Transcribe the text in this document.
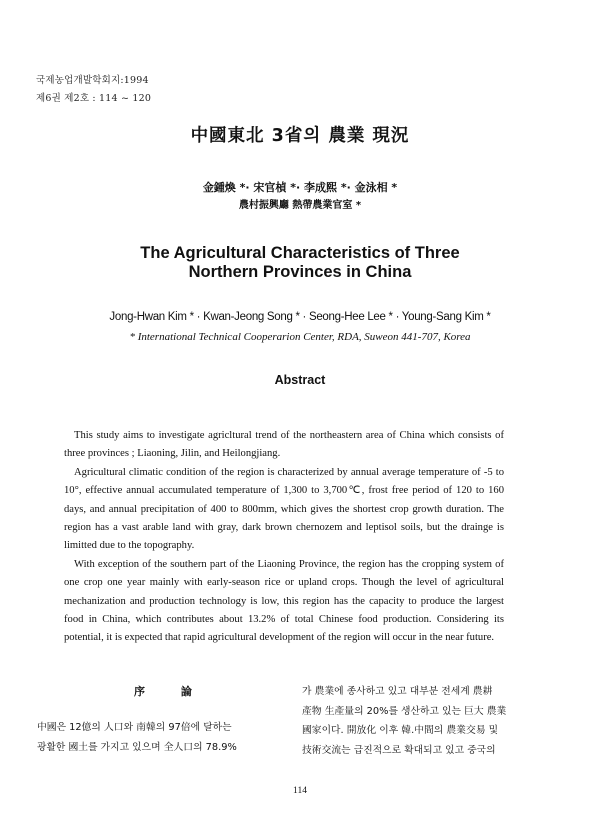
국제농업개발학회지:1994
제6권 제2호 : 114 ~ 120
中國東北 3省의 農業 現況
金鍾煥 *· 宋官楨 *· 李成熙 *· 金泳相 *
農村振興廳 熱帶農業官室 *
The Agricultural Characteristics of Three
Northern Provinces in China
Jong-Hwan Kim * · Kwan-Jeong Song * · Seong-Hee Lee * · Young-Sang Kim *
* International Technical Cooperarion Center, RDA, Suweon 441-707, Korea
Abstract

This study aims to investigate agricltural trend of the northeastern area of China which consists of three provinces ; Liaoning, Jilin, and Heilongjiang.

Agricultural climatic condition of the region is characterized by annual average temperature of -5 to 10°, effective annual accumulated temperature of 1,300 to 3,700℃, frost free period of 120 to 160 days, and annual precipitation of 400 to 800mm, which gives the shortest crop growth duration. The region has a vast arable land with gray, dark brown chernozem and leptisol soils, but the drainge is limitted due to the topography.

With exception of the southern part of the Liaoning Province, the region has the cropping system of one crop one year mainly with early-season rice or upland crops. Though the level of agricultural mechanization and production technology is low, this region has the capacity to produce the largest food in China, which contributes about 13.2% of total Chinese food production. Considering its potential, it is expected that rapid agricultural development of the region will occur in the near future.

序 論
中國은 12億의 人口와 南韓의 97倍에 달하는
광활한 國土를 가지고 있으며 全人口의 78.9%
가 農業에 종사하고 있고 대부분 전세계 農耕
產物 生產量의 20%를 생산하고 있는 巨大 農業
國家이다. 開放化 이후 韓.中間의 農業交易 및
技術交流는 급진적으로 확대되고 있고 중국의
114
